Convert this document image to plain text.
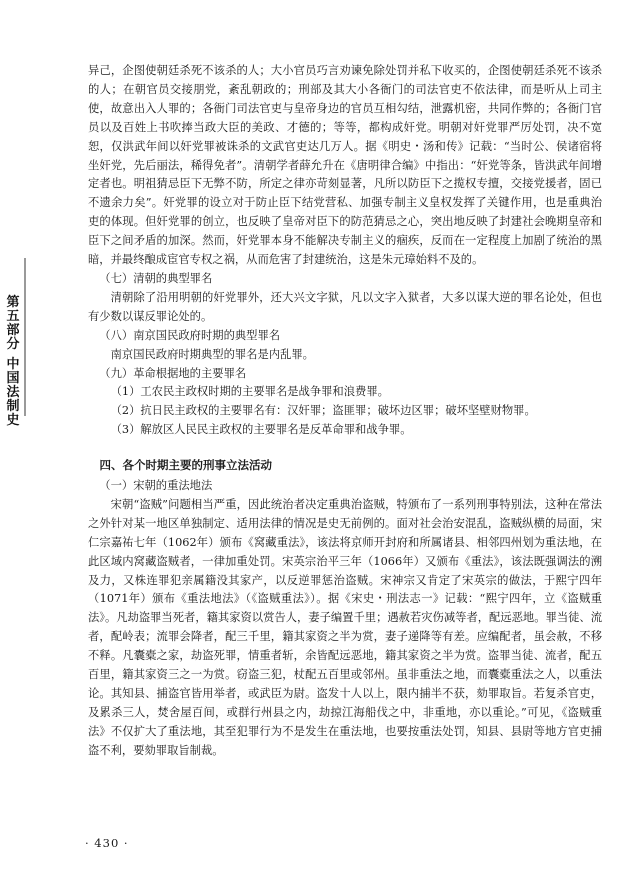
第五部分
中国法制史

异己，企图使朝廷杀死不该杀的人；大小官员巧言劝谏免除处罚并私下收买的，企图使朝廷杀死不该杀的人；在朝官员交接朋党，紊乱朝政的；刑部及其大小各衙门的司法官吏不依法律，而是听从上司主使，故意出入人罪的；各衙门司法官吏与皇帝身边的官员互相勾结，泄露机密，共同作弊的；各衙门官员以及百姓上书吹捧当政大臣的美政、才德的；等等，都构成奸党。明朝对奸党罪严厉处罚，决不宽恕，仅洪武年间以奸党罪被诛杀的文武官吏达几万人。据《明史・汤和传》记载：“当时公、侯诸宿将坐奸党，先后丽法，稀得免者”。清朝学者薛允升在《唐明律合编》中指出：“奸党等条，皆洪武年间增定者也。明祖猜忌臣下无弊不防，所定之律亦苛刻显著，凡所以防臣下之揽权专擅，交接党援者，固已不遗余力矣”。奸党罪的设立对于防止臣下结党营私、加强专制主义皇权发挥了关键作用，也是重典治吏的体现。但奸党罪的创立，也反映了皇帝对臣下的防范猜忌之心，突出地反映了封建社会晚期皇帝和臣下之间矛盾的加深。然而，奸党罪本身不能解决专制主义的痼疾，反而在一定程度上加剧了统治的黑暗，并最终酿成宦官专权之祸，从而危害了封建统治，这是朱元璋始料不及的。

（七）清朝的典型罪名

清朝除了沿用明朝的奸党罪外，还大兴文字狱，凡以文字入狱者，大多以谋大逆的罪名论处，但也有少数以谋反罪论处的。

（八）南京国民政府时期的典型罪名

南京国民政府时期典型的罪名是内乱罪。

（九）革命根据地的主要罪名

（1）工农民主政权时期的主要罪名是战争罪和浪费罪。

（2）抗日民主政权的主要罪名有：汉奸罪；盗匪罪；破坏边区罪；破坏坚壁财物罪。

（3）解放区人民民主政权的主要罪名是反革命罪和战争罪。

四、各个时期主要的刑事立法活动

（一）宋朝的重法地法

宋朝“盗贼”问题相当严重，因此统治者决定重典治盗贼，特颁布了一系列刑事特别法，这种在常法之外针对某一地区单独制定、适用法律的情况是史无前例的。面对社会治安混乱，盗贼纵横的局面，宋仁宗嘉祐七年（1062年）颁布《窝藏重法》，该法将京师开封府和所属诸县、相邻四州划为重法地，在此区域内窝藏盗贼者，一律加重处罚。宋英宗治平三年（1066年）又颁布《重法》，该法既强调法的溯及力，又株连罪犯亲属籍没其家产，以反逆罪惩治盗贼。宋神宗又肯定了宋英宗的做法，于熙宁四年（1071年）颁布《重法地法》（《盗贼重法》）。据《宋史・刑法志一》记载：“熙宁四年，立《盗贼重法》。凡劫盗罪当死者，籍其家资以赏告人，妻子编置千里；遇赦若灾伤减等者，配远恶地。罪当徒、流者，配岭表；流罪会降者，配三千里，籍其家资之半为赏，妻子递降等有差。应编配者，虽会赦，不移不释。凡囊橐之家，劫盗死罪，情重者斩，余皆配远恶地，籍其家资之半为赏。盗罪当徒、流者，配五百里，籍其家资三之一为赏。窃盗三犯，杖配五百里或邻州。虽非重法之地，而囊橐重法之人，以重法论。其知县、捕盗官皆用举者，或武臣为尉。盗发十人以上，限内捕半不获，劾罪取旨。若复杀官吏，及累杀三人，焚舍屋百间，或群行州县之内，劫掠江海船伐之中，非重地，亦以重论。”可见，《盗贼重法》不仅扩大了重法地，其至犯罪行为不是发生在重法地，也要按重法处罚，知县、县尉等地方官吏捕盗不利，要劾罪取旨制裁。

· 430 ·
